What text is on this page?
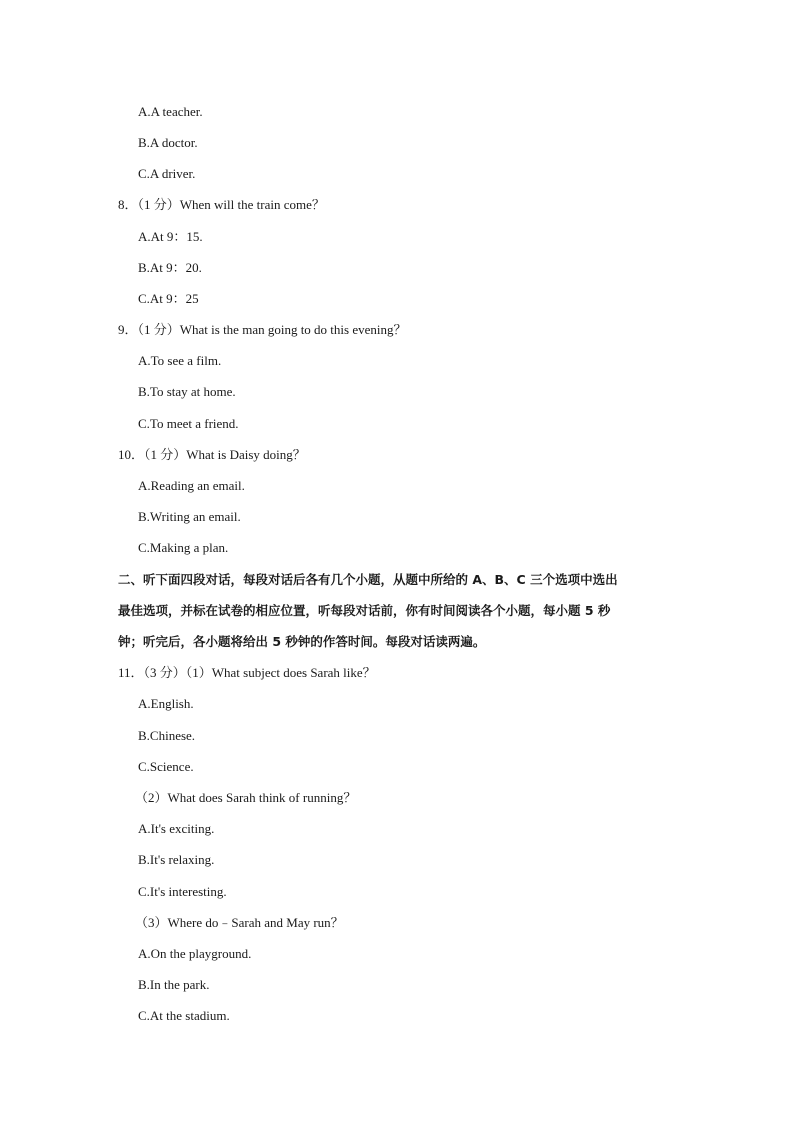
A.A teacher.
B.A doctor.
C.A driver.
8．（1 分）When will the train come？
A.At 9：15.
B.At 9：20.
C.At 9：25
9．（1 分）What is the man going to do this evening？
A.To see a film.
B.To stay at home.
C.To meet a friend.
10．（1 分）What is Daisy doing？
A.Reading an email.
B.Writing an email.
C.Making a plan.
二、听下面四段对话，每段对话后各有几个小题，从题中所给的 A、B、C 三个选项中选出
最佳选项，并标在试卷的相应位置，听每段对话前，你有时间阅读各个小题，每小题 5 秒
钟；听完后，各小题将给出 5 秒钟的作答时间。每段对话读两遍。
11．（3 分）（1）What subject does Sarah like？
A.English.
B.Chinese.
C.Science.
（2）What does Sarah think of running？
A.It's exciting.
B.It's relaxing.
C.It's interesting.
（3）Where do﹣Sarah and May run？
A.On the playground.
B.In the park.
C.At the stadium.
